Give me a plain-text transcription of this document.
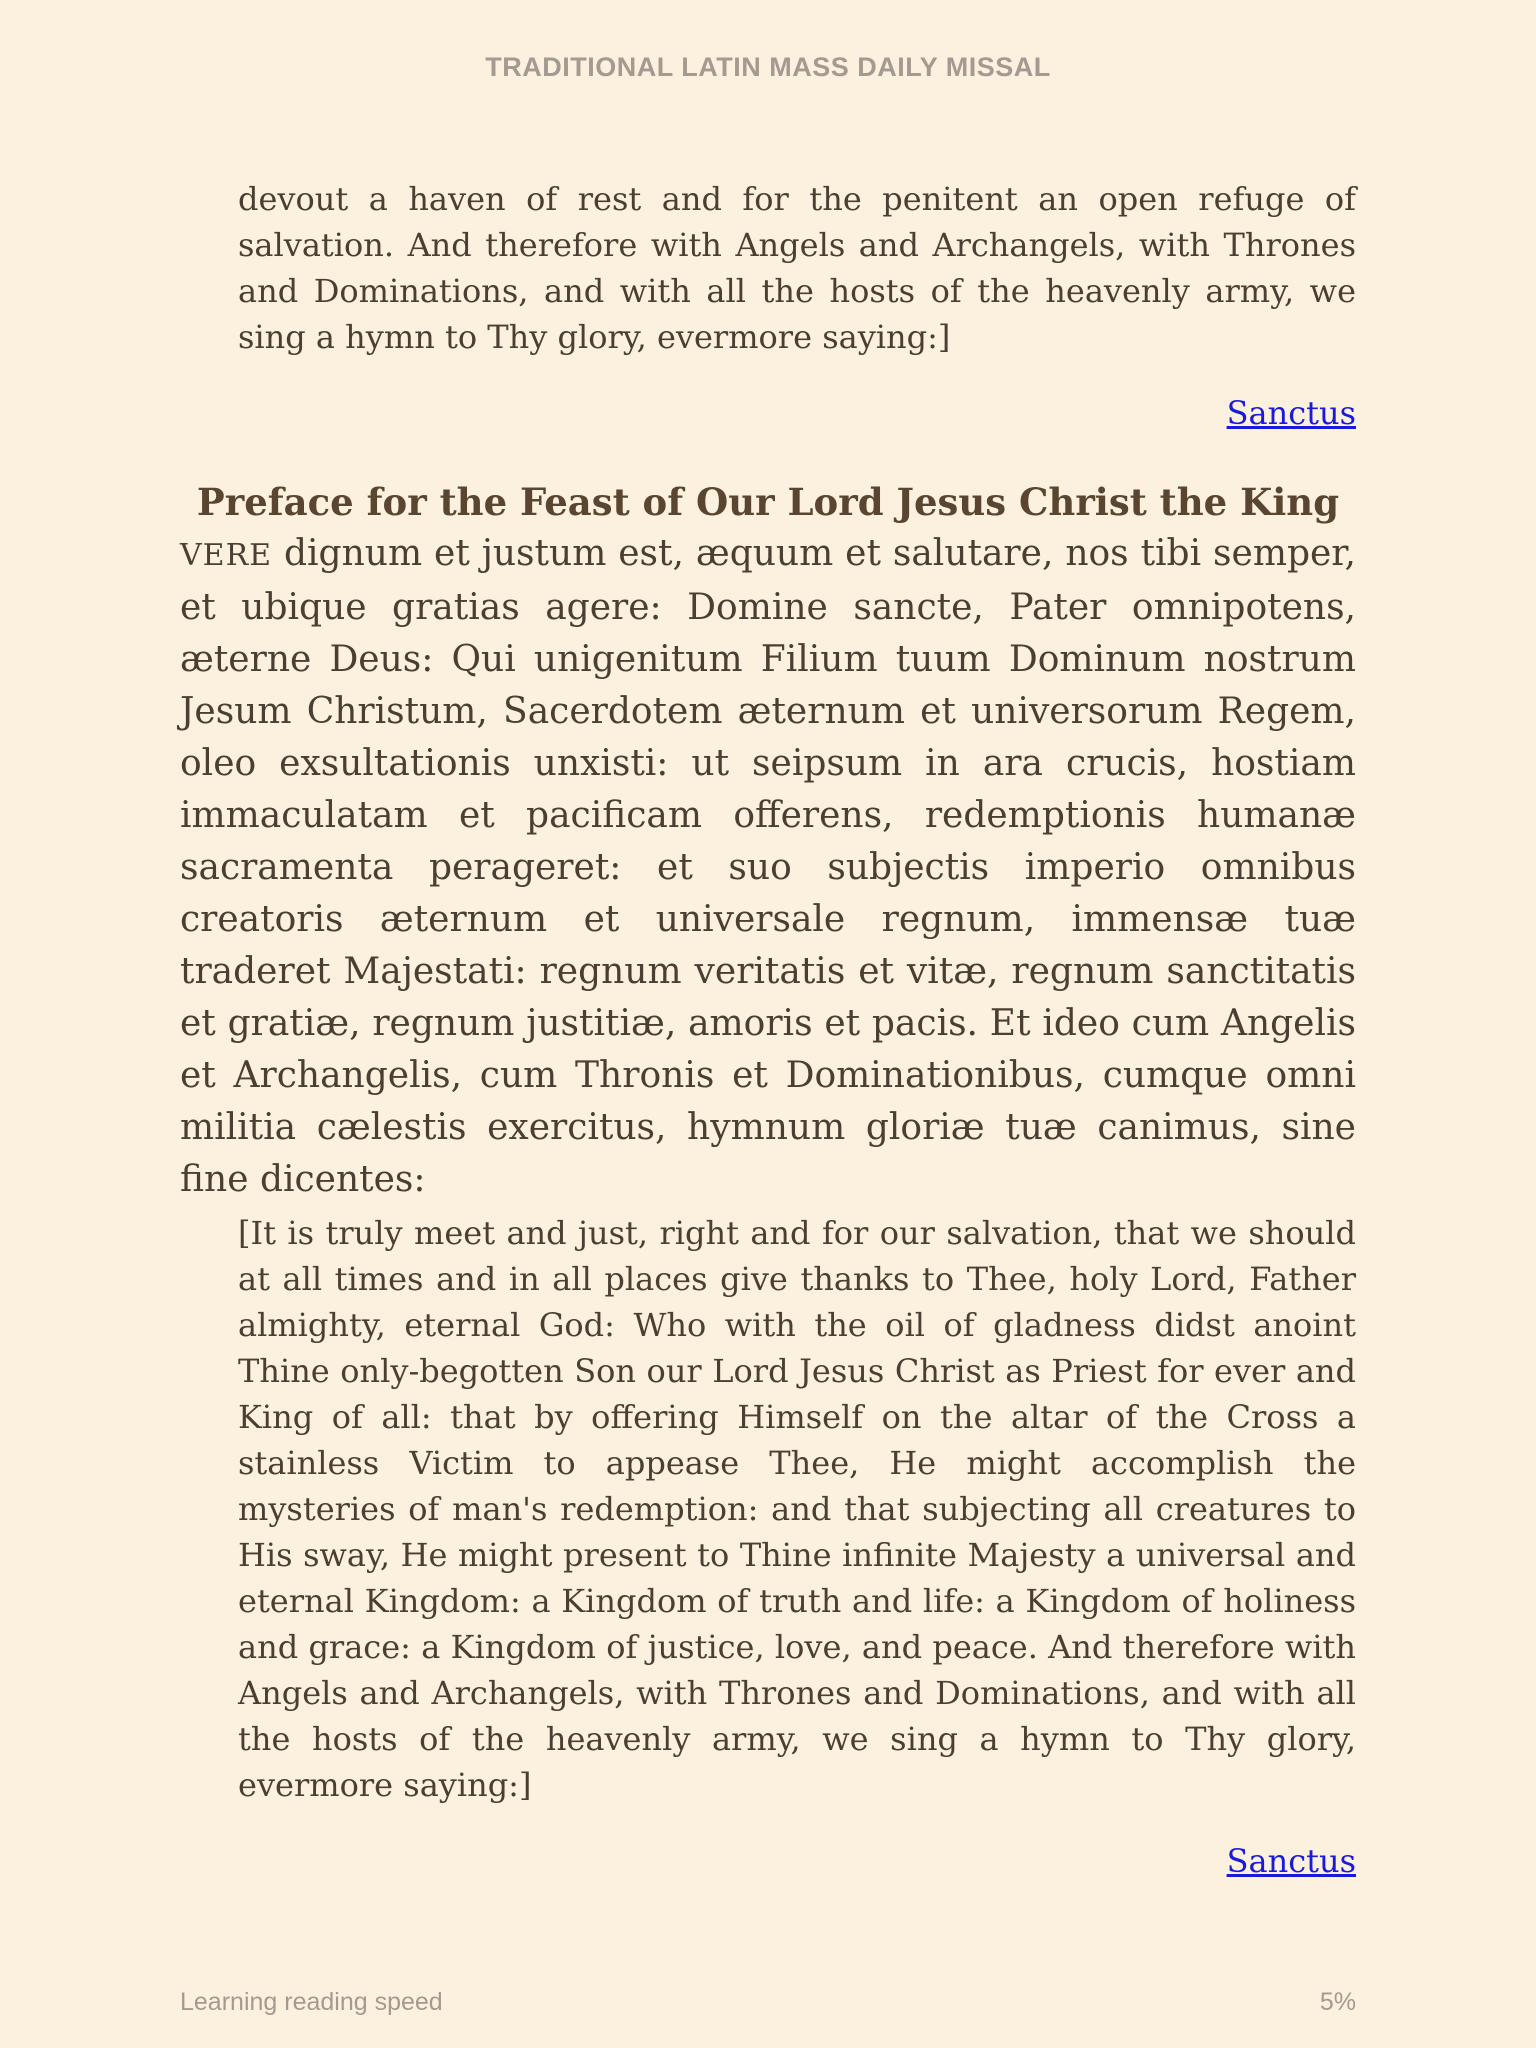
TRADITIONAL LATIN MASS DAILY MISSAL
devout a haven of rest and for the penitent an open refuge of salvation. And therefore with Angels and Archangels, with Thrones and Dominations, and with all the hosts of the heavenly army, we sing a hymn to Thy glory, evermore saying:]
Sanctus
Preface for the Feast of Our Lord Jesus Christ the King
VERE dignum et justum est, æquum et salutare, nos tibi semper, et ubique gratias agere: Domine sancte, Pater omnipotens, æterne Deus: Qui unigenitum Filium tuum Dominum nostrum Jesum Christum, Sacerdotem æternum et universorum Regem, oleo exsultationis unxisti: ut seipsum in ara crucis, hostiam immaculatam et pacificam offerens, redemptionis humanæ sacramenta perageret: et suo subjectis imperio omnibus creatoris æternum et universale regnum, immensæ tuæ traderet Majestati: regnum veritatis et vitæ, regnum sanctitatis et gratiæ, regnum justitiæ, amoris et pacis. Et ideo cum Angelis et Archangelis, cum Thronis et Dominationibus, cumque omni militia cælestis exercitus, hymnum gloriæ tuæ canimus, sine fine dicentes:
[It is truly meet and just, right and for our salvation, that we should at all times and in all places give thanks to Thee, holy Lord, Father almighty, eternal God: Who with the oil of gladness didst anoint Thine only-begotten Son our Lord Jesus Christ as Priest for ever and King of all: that by offering Himself on the altar of the Cross a stainless Victim to appease Thee, He might accomplish the mysteries of man's redemption: and that subjecting all creatures to His sway, He might present to Thine infinite Majesty a universal and eternal Kingdom: a Kingdom of truth and life: a Kingdom of holiness and grace: a Kingdom of justice, love, and peace. And therefore with Angels and Archangels, with Thrones and Dominations, and with all the hosts of the heavenly army, we sing a hymn to Thy glory, evermore saying:]
Sanctus
Learning reading speed	5%
